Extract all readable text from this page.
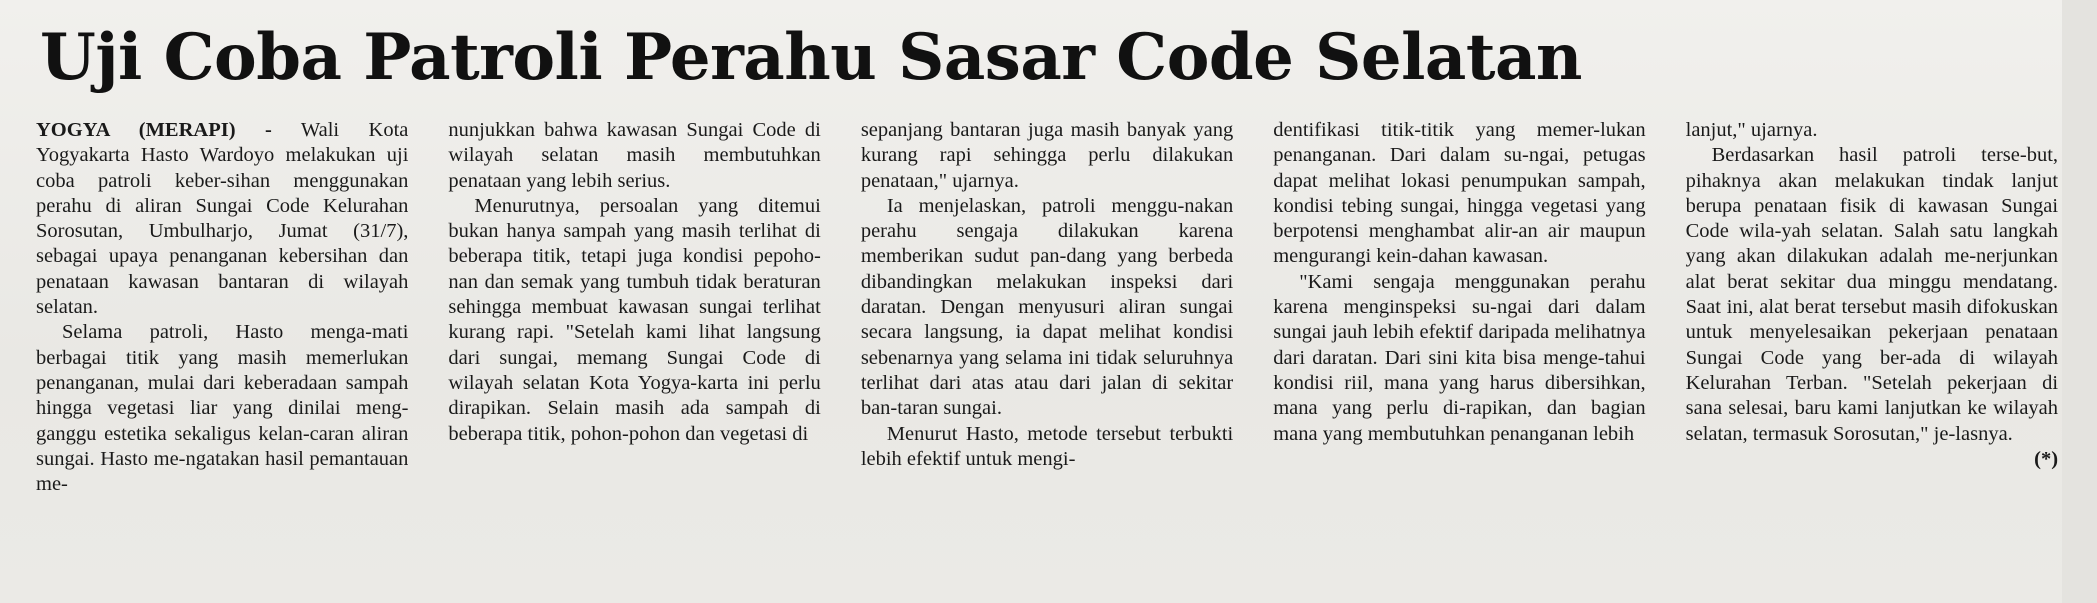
Uji Coba Patroli Perahu Sasar Code Selatan

YOGYA (MERAPI) - Wali Kota Yogyakarta Hasto Wardoyo melakukan uji coba patroli keber-sihan menggunakan perahu di aliran Sungai Code Kelurahan Sorosutan, Umbulharjo, Jumat (31/7), sebagai upaya penanganan kebersihan dan penataan kawasan bantaran di wilayah selatan.

Selama patroli, Hasto menga-mati berbagai titik yang masih memerlukan penanganan, mulai dari keberadaan sampah hingga vegetasi liar yang dinilai meng-ganggu estetika sekaligus kelan-caran aliran sungai. Hasto me-ngatakan hasil pemantauan me-

nunjukkan bahwa kawasan Sungai Code di wilayah selatan masih membutuhkan penataan yang lebih serius.

Menurutnya, persoalan yang ditemui bukan hanya sampah yang masih terlihat di beberapa titik, tetapi juga kondisi pepoho-nan dan semak yang tumbuh tidak beraturan sehingga membuat kawasan sungai terlihat kurang rapi. "Setelah kami lihat langsung dari sungai, memang Sungai Code di wilayah selatan Kota Yogya-karta ini perlu dirapikan. Selain masih ada sampah di beberapa titik, pohon-pohon dan vegetasi di

sepanjang bantaran juga masih banyak yang kurang rapi sehingga perlu dilakukan penataan," ujarnya.

Ia menjelaskan, patroli menggu-nakan perahu sengaja dilakukan karena memberikan sudut pan-dang yang berbeda dibandingkan melakukan inspeksi dari daratan. Dengan menyusuri aliran sungai secara langsung, ia dapat melihat kondisi sebenarnya yang selama ini tidak seluruhnya terlihat dari atas atau dari jalan di sekitar ban-taran sungai.

Menurut Hasto, metode tersebut terbukti lebih efektif untuk mengi-

dentifikasi titik-titik yang memer-lukan penanganan. Dari dalam su-ngai, petugas dapat melihat lokasi penumpukan sampah, kondisi tebing sungai, hingga vegetasi yang berpotensi menghambat alir-an air maupun mengurangi kein-dahan kawasan.

"Kami sengaja menggunakan perahu karena menginspeksi su-ngai dari dalam sungai jauh lebih efektif daripada melihatnya dari daratan. Dari sini kita bisa menge-tahui kondisi riil, mana yang harus dibersihkan, mana yang perlu di-rapikan, dan bagian mana yang membutuhkan penanganan lebih

lanjut," ujarnya.

Berdasarkan hasil patroli terse-but, pihaknya akan melakukan tindak lanjut berupa penataan fisik di kawasan Sungai Code wila-yah selatan. Salah satu langkah yang akan dilakukan adalah me-nerjunkan alat berat sekitar dua minggu mendatang. Saat ini, alat berat tersebut masih difokuskan untuk menyelesaikan pekerjaan penataan Sungai Code yang ber-ada di wilayah Kelurahan Terban. "Setelah pekerjaan di sana selesai, baru kami lanjutkan ke wilayah selatan, termasuk Sorosutan," je-lasnya.
(*)
